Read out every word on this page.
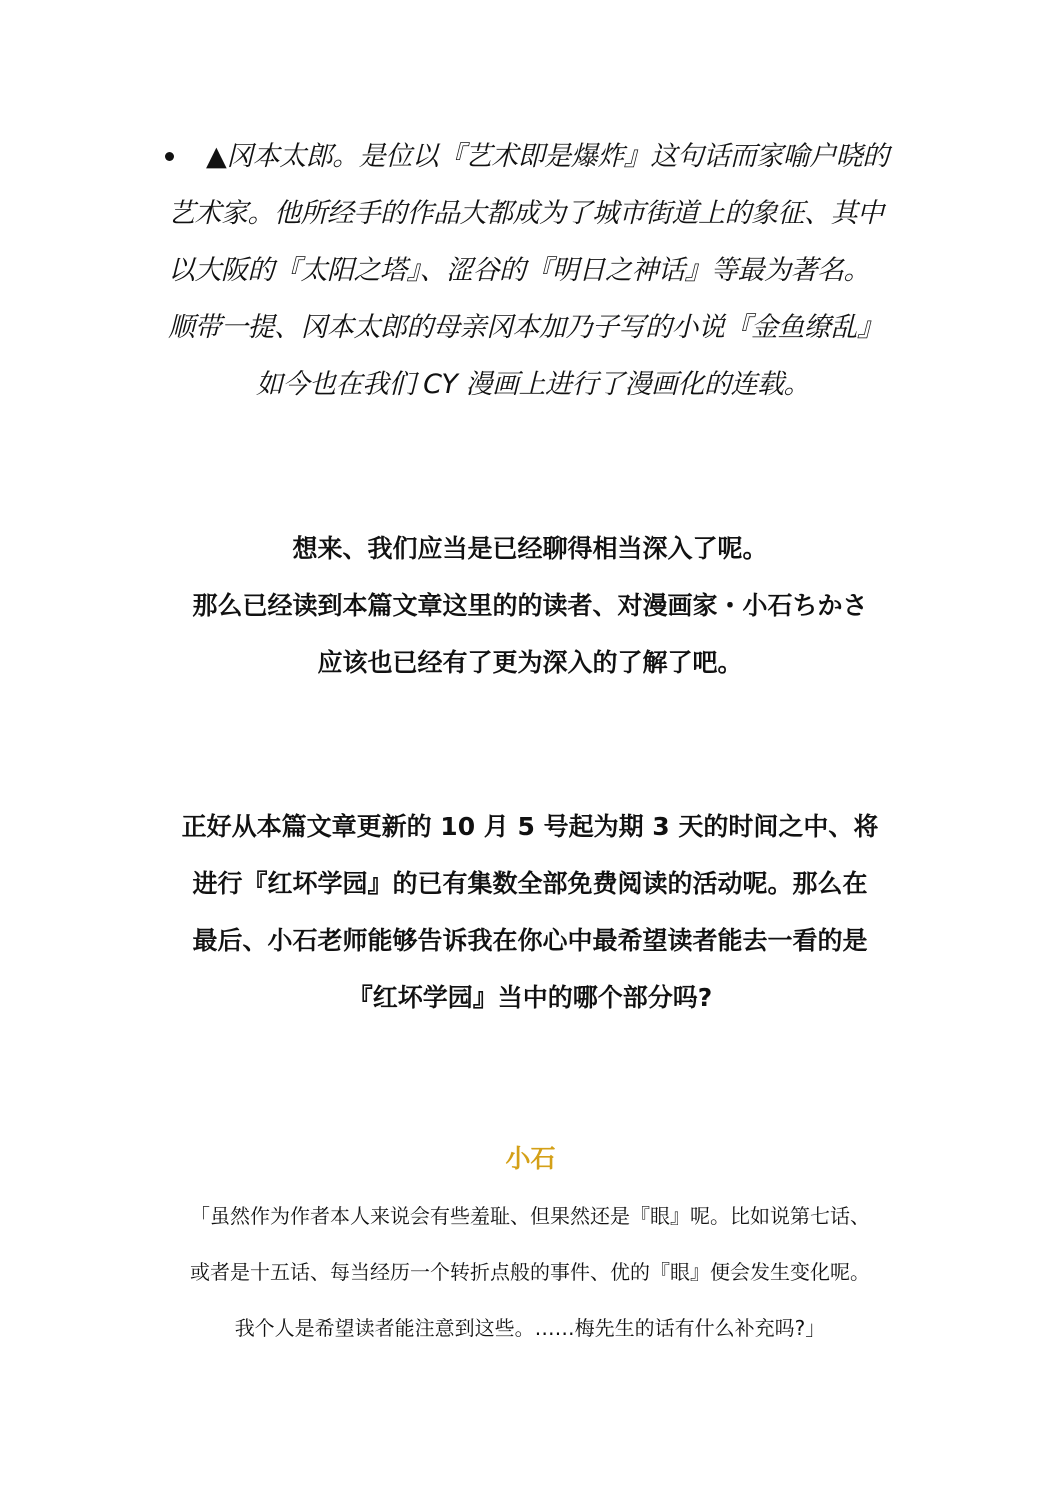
▲冈本太郎。是位以『艺术即是爆炸』这句话而家喻户晓的
艺术家。他所经手的作品大都成为了城市街道上的象征、其中
以大阪的『太阳之塔』、涩谷的『明日之神话』等最为著名。
顺带一提、冈本太郎的母亲冈本加乃子写的小说『金鱼缭乱』
如今也在我们 CY 漫画上进行了漫画化的连载。
想来、我们应当是已经聊得相当深入了呢。
那么已经读到本篇文章这里的的读者、对漫画家・小石ちかさ
应该也已经有了更为深入的了解了吧。
正好从本篇文章更新的 10 月 5 号起为期 3 天的时间之中、将
进行『红坏学园』的已有集数全部免费阅读的活动呢。那么在
最后、小石老师能够告诉我在你心中最希望读者能去一看的是
『红坏学园』当中的哪个部分吗?
小石
「虽然作为作者本人来说会有些羞耻、但果然还是『眼』呢。比如说第七话、
或者是十五话、每当经历一个转折点般的事件、优的『眼』便会发生变化呢。
我个人是希望读者能注意到这些。……梅先生的话有什么补充吗?」
